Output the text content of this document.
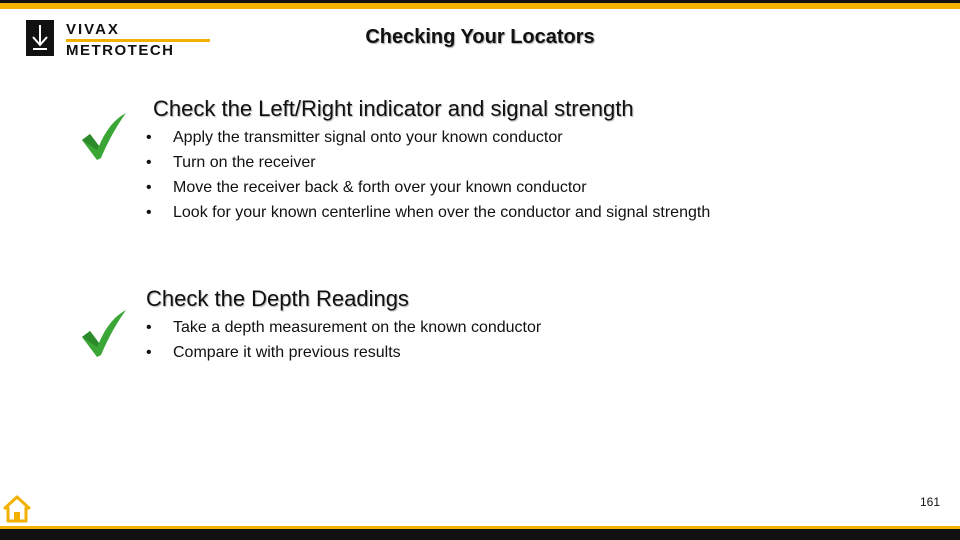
VIVAX
METROTECH
Checking Your Locators
Check the Left/Right indicator and signal strength
• Apply the transmitter signal onto your known conductor
• Turn on the receiver
• Move the receiver back & forth over your known conductor
• Look for your known centerline when over the conductor and signal strength
Check the Depth Readings
• Take a depth measurement on the known conductor
• Compare it with previous results
161
